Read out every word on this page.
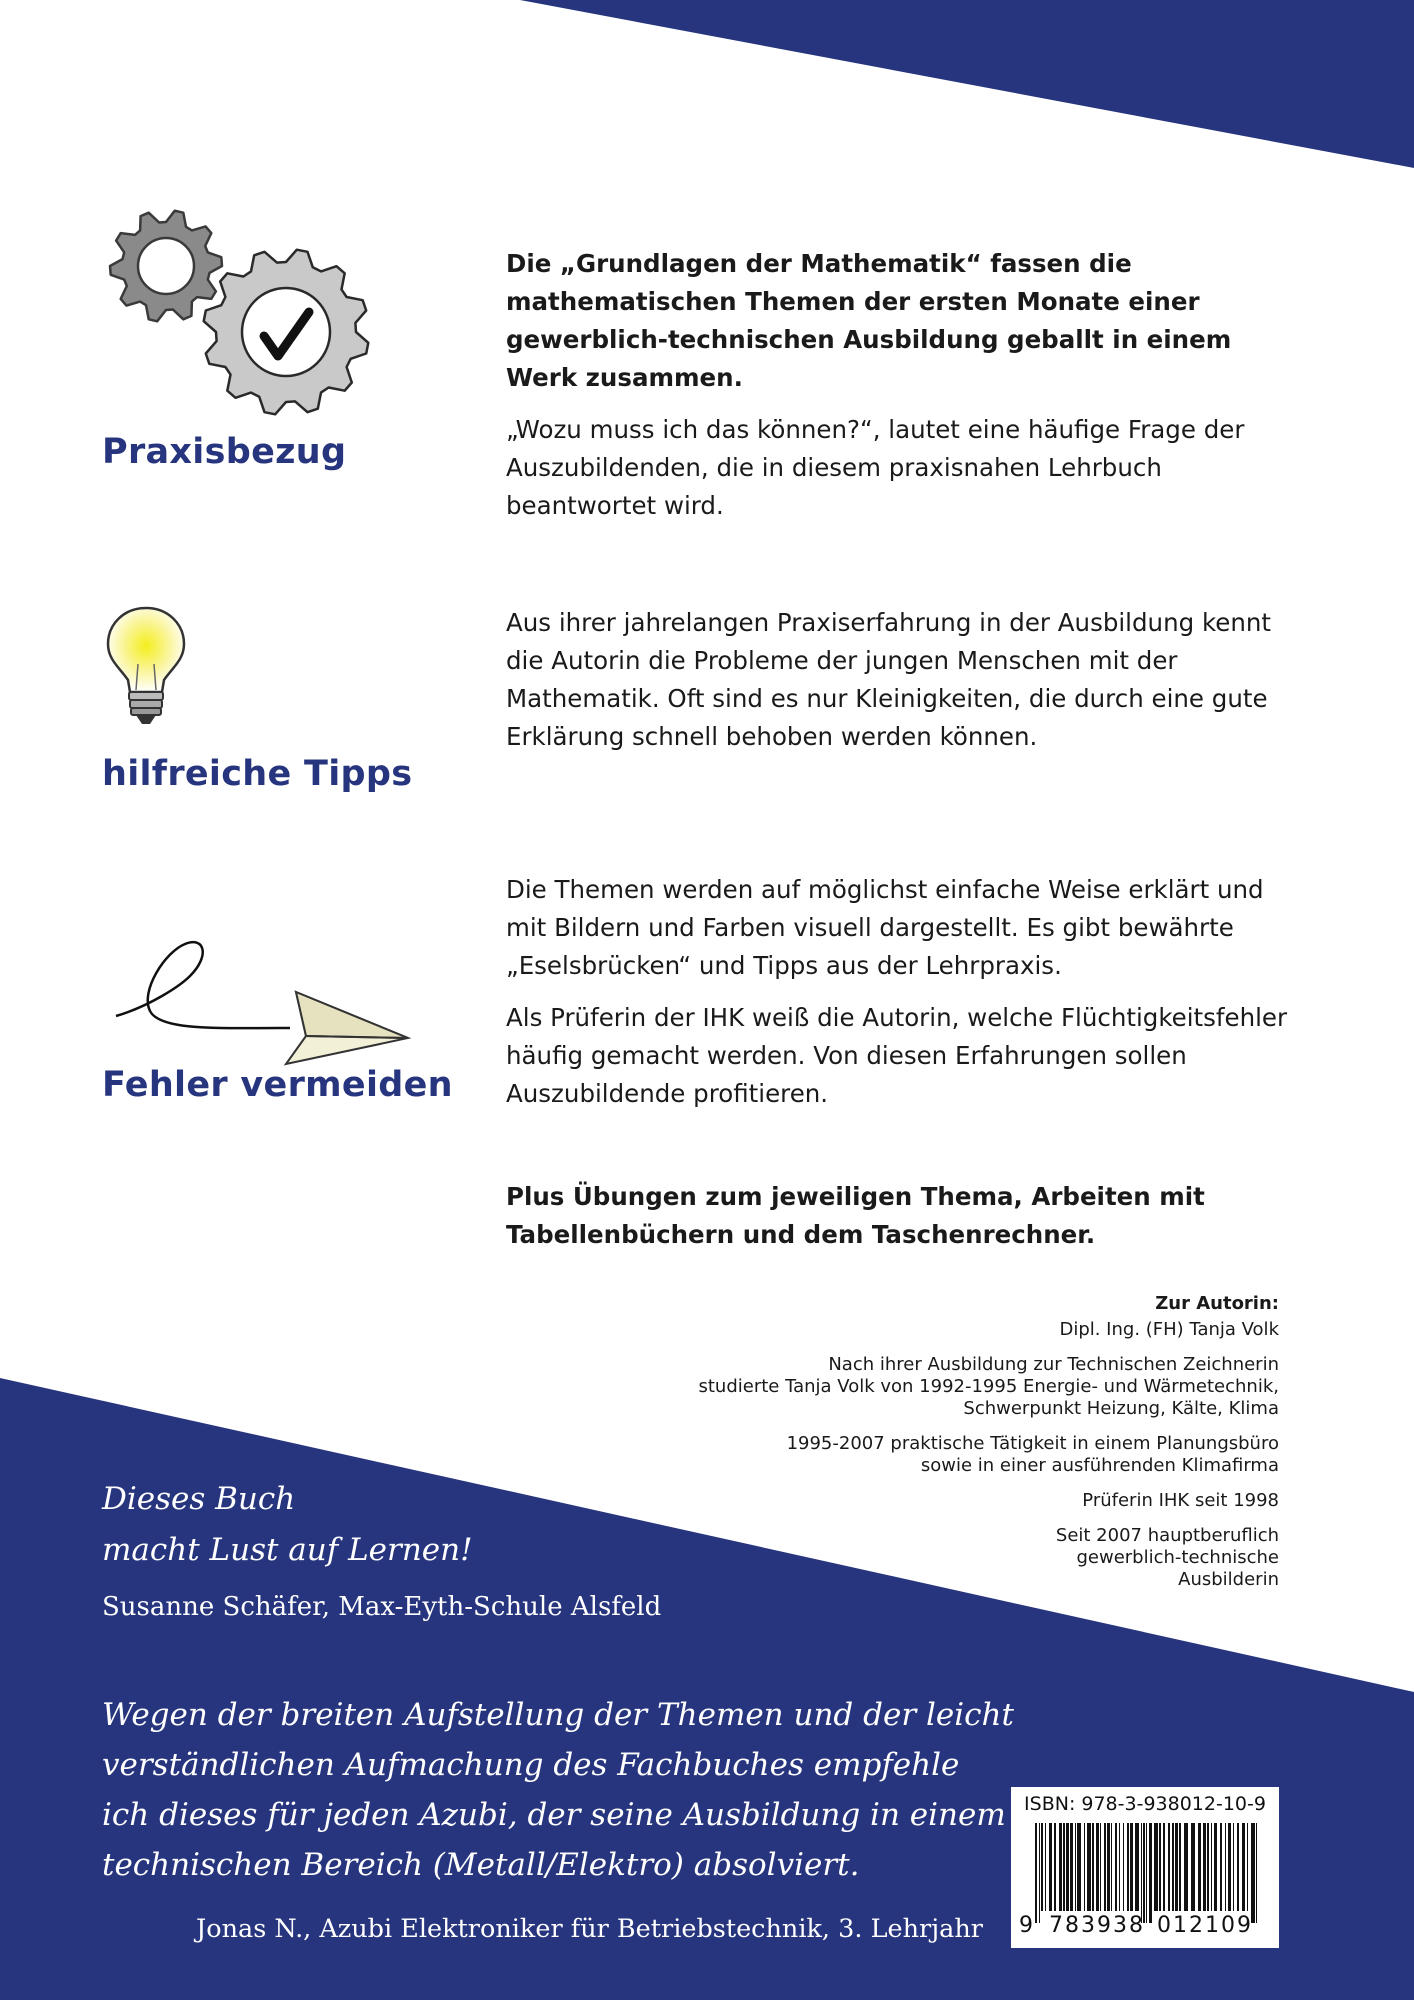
Praxisbezug
hilfreiche Tipps
Fehler vermeiden

Die „Grundlagen der Mathematik“ fassen die mathematischen Themen der ersten Monate einer gewerblich-technischen Ausbildung geballt in einem Werk zusammen.

„Wozu muss ich das können?“, lautet eine häufige Frage der Auszubildenden, die in diesem praxisnahen Lehrbuch beantwortet wird.

Aus ihrer jahrelangen Praxiserfahrung in der Ausbildung kennt die Autorin die Probleme der jungen Menschen mit der Mathematik. Oft sind es nur Kleinigkeiten, die durch eine gute Erklärung schnell behoben werden können.

Die Themen werden auf möglichst einfache Weise erklärt und mit Bildern und Farben visuell dargestellt. Es gibt bewährte „Eselsbrücken“ und Tipps aus der Lehrpraxis.

Als Prüferin der IHK weiß die Autorin, welche Flüchtigkeitsfehler häufig gemacht werden. Von diesen Erfahrungen sollen Auszubildende profitieren.

Plus Übungen zum jeweiligen Thema, Arbeiten mit Tabellenbüchern und dem Taschenrechner.

Zur Autorin:

Dipl. Ing. (FH) Tanja Volk

Nach ihrer Ausbildung zur Technischen Zeichnerin
studierte Tanja Volk von 1992-1995 Energie- und Wärmetechnik,
Schwerpunkt Heizung, Kälte, Klima

1995-2007 praktische Tätigkeit in einem Planungsbüro
sowie in einer ausführenden Klimafirma

Prüferin IHK seit 1998

Seit 2007 hauptberuflich
gewerblich-technische
Ausbilderin

Dieses Buch
macht Lust auf Lernen!
Susanne Schäfer, Max-Eyth-Schule Alsfeld
Wegen der breiten Aufstellung der Themen und der leicht
verständlichen Aufmachung des Fachbuches empfehle
ich dieses für jeden Azubi, der seine Ausbildung in einem
technischen Bereich (Metall/Elektro) absolviert.
Jonas N., Azubi Elektroniker für Betriebstechnik, 3. Lehrjahr
ISBN: 978-3-938012-10-9
9 783938 012109
